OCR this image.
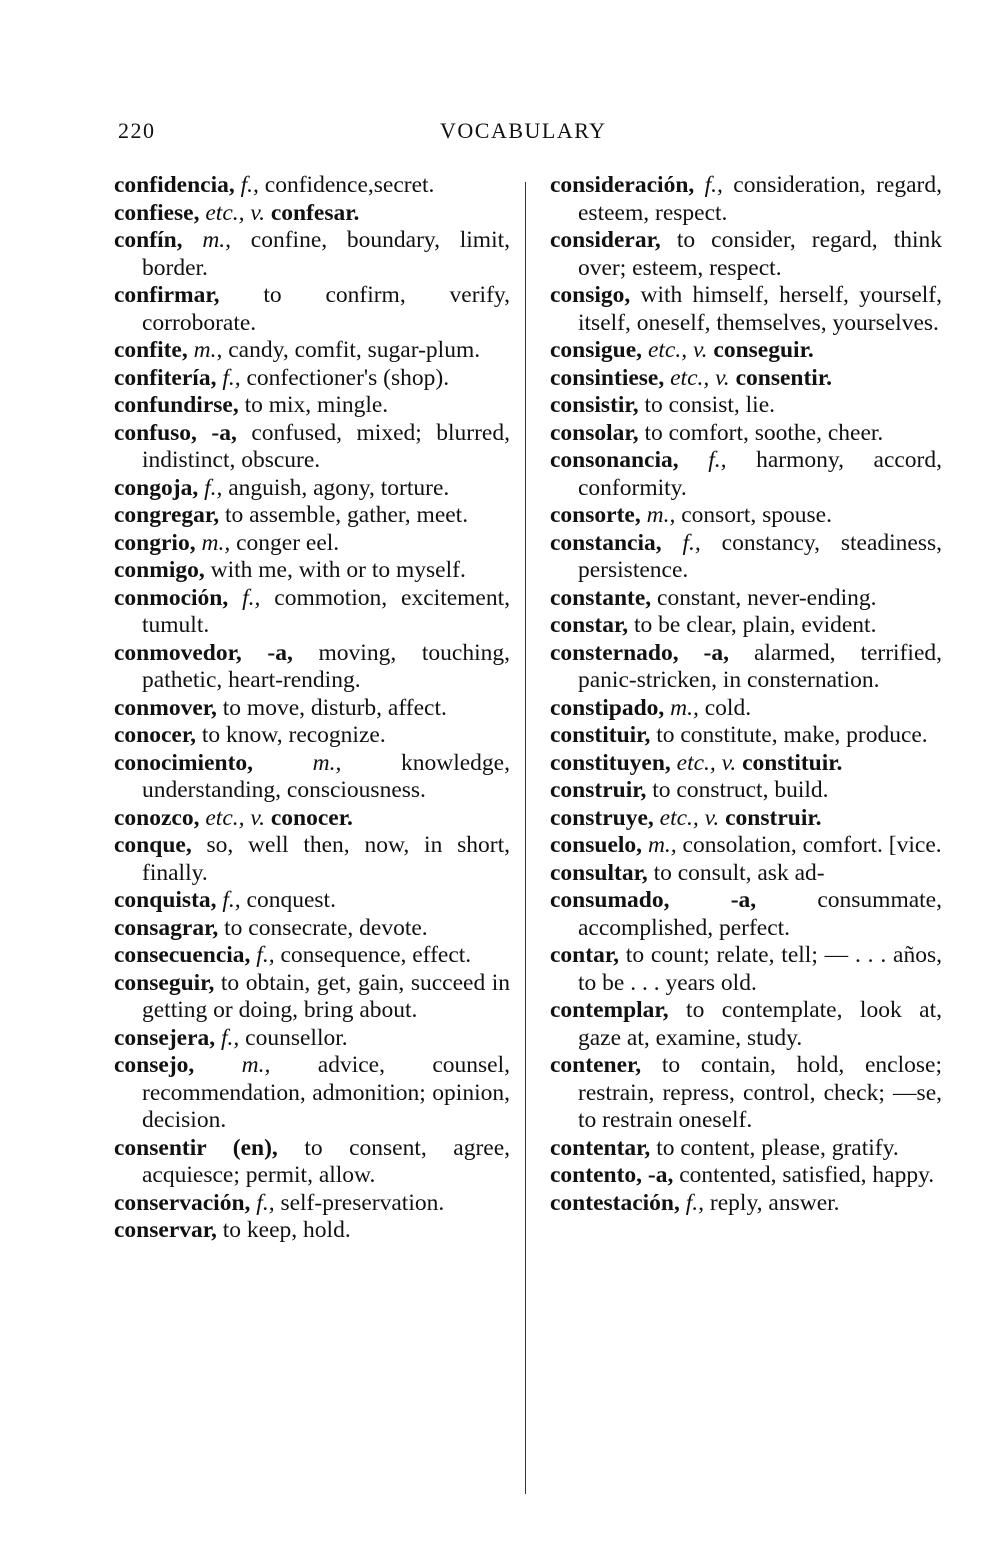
220	VOCABULARY

confidencia, f., confidence,secret.

confiese, etc., v. confesar.

confín, m., confine, boundary, limit, border.

confirmar, to confirm, verify, corroborate.

confite, m., candy, comfit, sugar-plum.

confitería, f., confectioner's (shop).

confundirse, to mix, mingle.

confuso, -a, confused, mixed; blurred, indistinct, obscure.

congoja, f., anguish, agony, torture.

congregar, to assemble, gather, meet.

congrio, m., conger eel.

conmigo, with me, with or to myself.

conmoción, f., commotion, excitement, tumult.

conmovedor, -a, moving, touching, pathetic, heart-rending.

conmover, to move, disturb, affect.

conocer, to know, recognize.

conocimiento,	m.,	knowledge, understanding, consciousness.

conozco, etc., v. conocer.

conque, so, well then, now, in short, finally.

conquista, f., conquest.

consagrar, to consecrate, devote.

consecuencia, f., consequence, effect.

conseguir, to obtain, get, gain, succeed in getting or doing, bring about.

consejera, f., counsellor.

consejo, m., advice, counsel, recommendation, admonition; opinion, decision.

consentir (en), to consent, agree, acquiesce; permit, allow.

conservación, f., self-preservation.

conservar, to keep, hold.

consideración, f., consideration, regard, esteem, respect.

considerar, to consider, regard, think over; esteem, respect.

consigo, with himself, herself, yourself, itself, oneself, themselves, yourselves.

consigue, etc., v. conseguir.

consintiese, etc., v. consentir.

consistir, to consist, lie.

consolar, to comfort, soothe, cheer.

consonancia, f., harmony, accord, conformity.

consorte, m., consort, spouse.

constancia, f., constancy, steadiness, persistence.

constante, constant, never-ending.

constar, to be clear, plain, evident.

consternado, -a, alarmed, terrified, panic-stricken, in consternation.

constipado, m., cold.

constituir, to constitute, make, produce.

constituyen, etc., v. constituir.

construir, to construct, build.

construye, etc., v. construir.

consuelo, m., consolation, comfort. [vice.

consultar, to consult, ask ad-

consumado, -a,	consummate, accomplished, perfect.

contar, to count; relate, tell; — . . . años, to be . . . years old.

contemplar, to contemplate, look at, gaze at, examine, study.

contener, to contain, hold, enclose; restrain, repress, control, check; —se, to restrain oneself.

contentar, to content, please, gratify.

contento, -a, contented, satisfied, happy.

contestación, f., reply, answer.
